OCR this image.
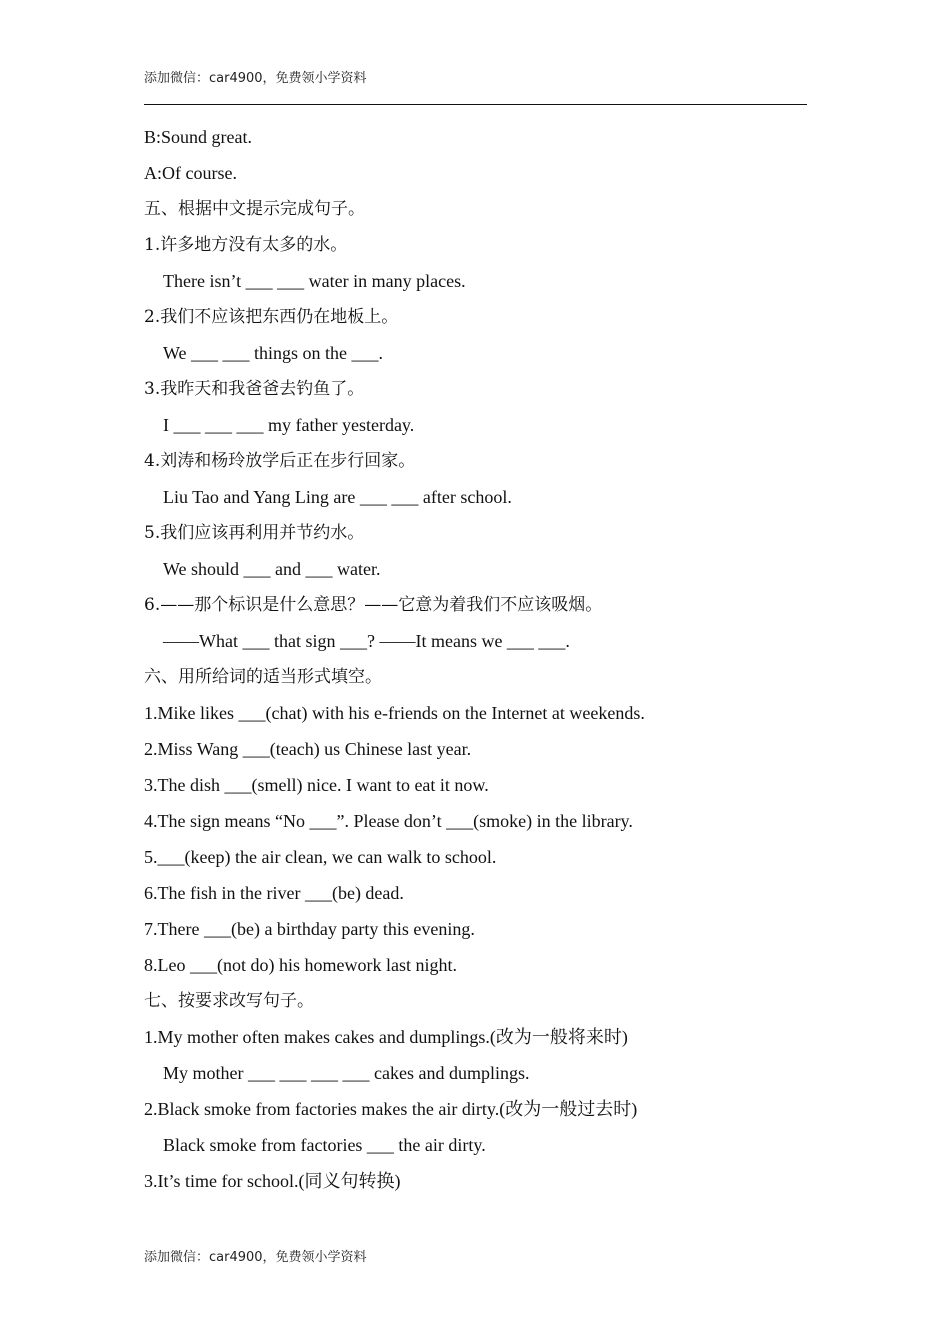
添加微信：car4900，免费领小学资料
B:Sound great.
A:Of course.
五、根据中文提示完成句子。
1.许多地方没有太多的水。
There isn’t ___ ___ water in many places.
2.我们不应该把东西仍在地板上。
We ___ ___ things on the ___.
3.我昨天和我爸爸去钓鱼了。
I ___ ___ ___ my father yesterday.
4.刘涛和杨玲放学后正在步行回家。
Liu Tao and Yang Ling are ___ ___ after school.
5.我们应该再利用并节约水。
We should ___ and ___ water.
6.——那个标识是什么意思？——它意为着我们不应该吸烟。
——What ___ that sign ___? ——It means we ___ ___.
六、用所给词的适当形式填空。
1.Mike likes ___(chat) with his e-friends on the Internet at weekends.
2.Miss Wang ___(teach) us Chinese last year.
3.The dish ___(smell) nice. I want to eat it now.
4.The sign means “No ___”. Please don’t ___(smoke) in the library.
5.___(keep) the air clean, we can walk to school.
6.The fish in the river ___(be) dead.
7.There ___(be) a birthday party this evening.
8.Leo ___(not do) his homework last night.
七、按要求改写句子。
1.My mother often makes cakes and dumplings.(改为一般将来时)
My mother ___ ___ ___ ___ cakes and dumplings.
2.Black smoke from factories makes the air dirty.(改为一般过去时)
Black smoke from factories ___ the air dirty.
3.It’s time for school.(同义句转换)
添加微信：car4900，免费领小学资料
